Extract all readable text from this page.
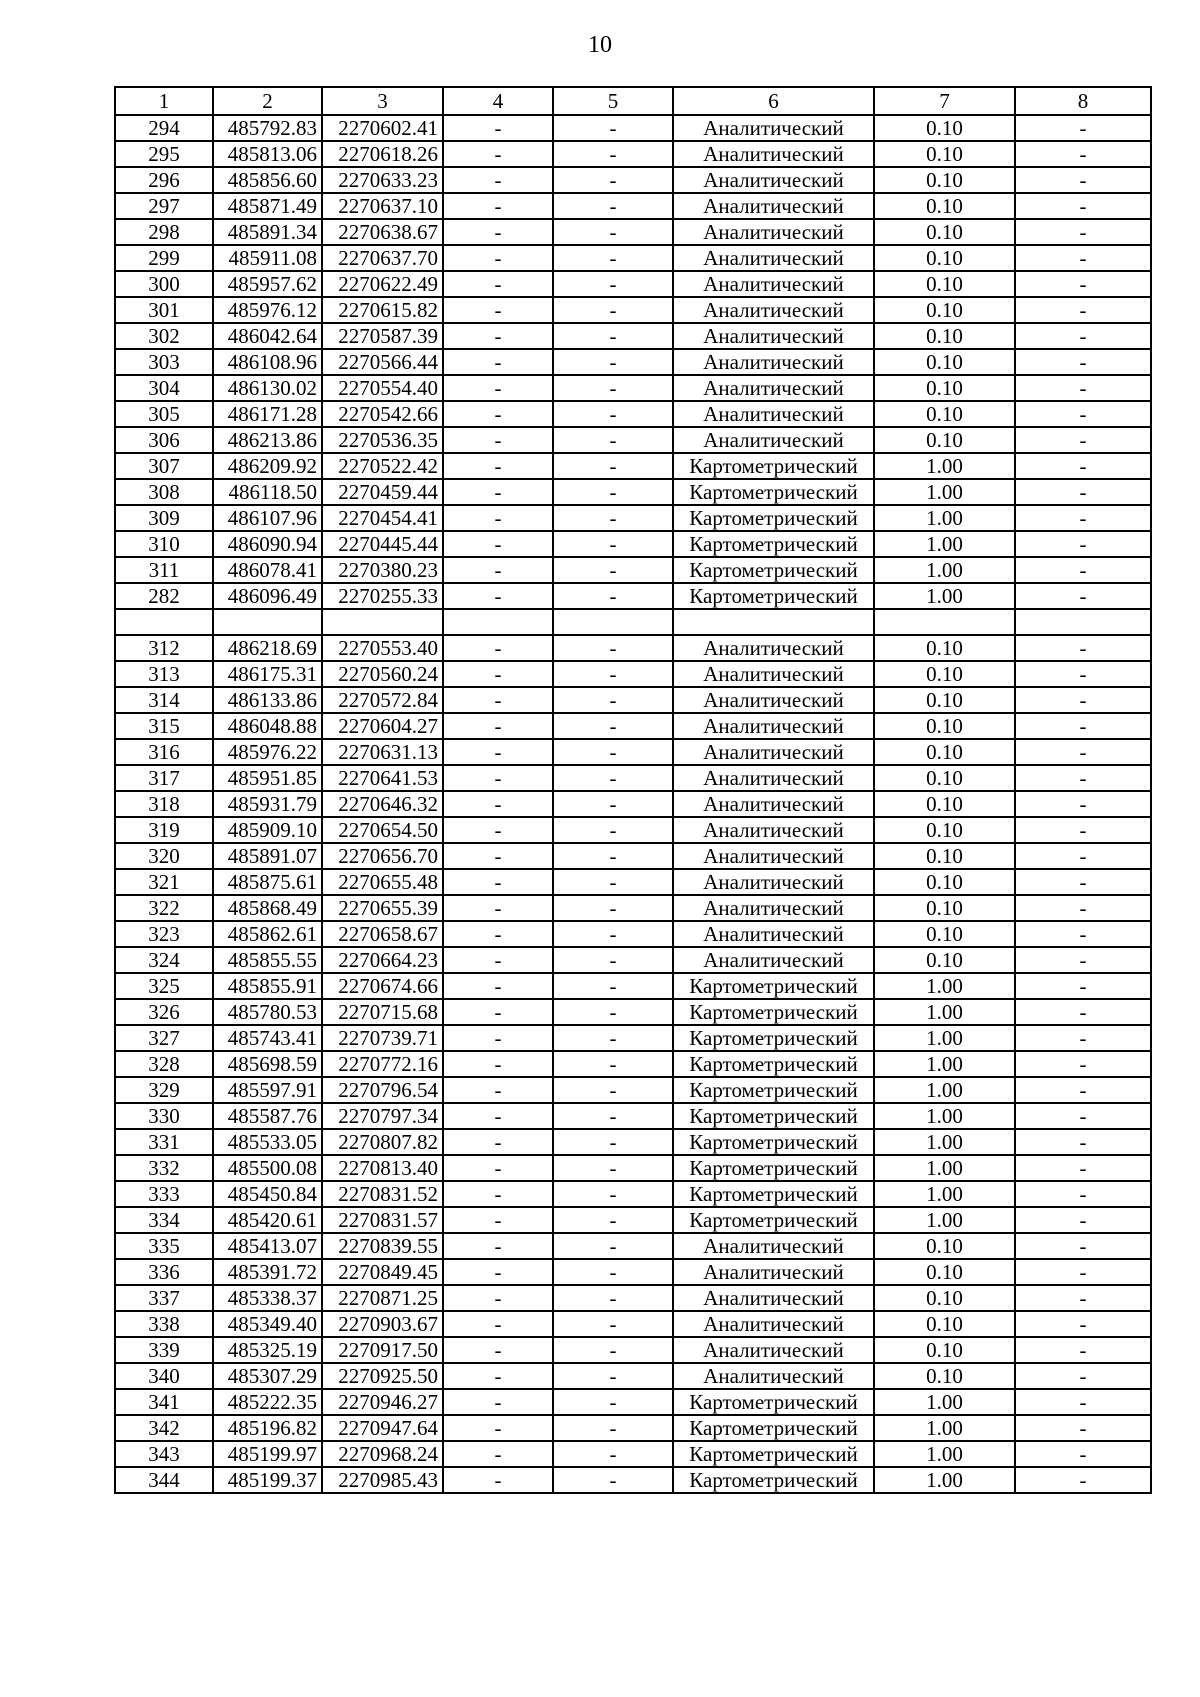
10
1	2	3	4	5	6	7	8
294	485792.83	2270602.41	-	-	Аналитический	0.10	-
295	485813.06	2270618.26	-	-	Аналитический	0.10	-
296	485856.60	2270633.23	-	-	Аналитический	0.10	-
297	485871.49	2270637.10	-	-	Аналитический	0.10	-
298	485891.34	2270638.67	-	-	Аналитический	0.10	-
299	485911.08	2270637.70	-	-	Аналитический	0.10	-
300	485957.62	2270622.49	-	-	Аналитический	0.10	-
301	485976.12	2270615.82	-	-	Аналитический	0.10	-
302	486042.64	2270587.39	-	-	Аналитический	0.10	-
303	486108.96	2270566.44	-	-	Аналитический	0.10	-
304	486130.02	2270554.40	-	-	Аналитический	0.10	-
305	486171.28	2270542.66	-	-	Аналитический	0.10	-
306	486213.86	2270536.35	-	-	Аналитический	0.10	-
307	486209.92	2270522.42	-	-	Картометрический	1.00	-
308	486118.50	2270459.44	-	-	Картометрический	1.00	-
309	486107.96	2270454.41	-	-	Картометрический	1.00	-
310	486090.94	2270445.44	-	-	Картометрический	1.00	-
311	486078.41	2270380.23	-	-	Картометрический	1.00	-
282	486096.49	2270255.33	-	-	Картометрический	1.00	-

312	486218.69	2270553.40	-	-	Аналитический	0.10	-
313	486175.31	2270560.24	-	-	Аналитический	0.10	-
314	486133.86	2270572.84	-	-	Аналитический	0.10	-
315	486048.88	2270604.27	-	-	Аналитический	0.10	-
316	485976.22	2270631.13	-	-	Аналитический	0.10	-
317	485951.85	2270641.53	-	-	Аналитический	0.10	-
318	485931.79	2270646.32	-	-	Аналитический	0.10	-
319	485909.10	2270654.50	-	-	Аналитический	0.10	-
320	485891.07	2270656.70	-	-	Аналитический	0.10	-
321	485875.61	2270655.48	-	-	Аналитический	0.10	-
322	485868.49	2270655.39	-	-	Аналитический	0.10	-
323	485862.61	2270658.67	-	-	Аналитический	0.10	-
324	485855.55	2270664.23	-	-	Аналитический	0.10	-
325	485855.91	2270674.66	-	-	Картометрический	1.00	-
326	485780.53	2270715.68	-	-	Картометрический	1.00	-
327	485743.41	2270739.71	-	-	Картометрический	1.00	-
328	485698.59	2270772.16	-	-	Картометрический	1.00	-
329	485597.91	2270796.54	-	-	Картометрический	1.00	-
330	485587.76	2270797.34	-	-	Картометрический	1.00	-
331	485533.05	2270807.82	-	-	Картометрический	1.00	-
332	485500.08	2270813.40	-	-	Картометрический	1.00	-
333	485450.84	2270831.52	-	-	Картометрический	1.00	-
334	485420.61	2270831.57	-	-	Картометрический	1.00	-
335	485413.07	2270839.55	-	-	Аналитический	0.10	-
336	485391.72	2270849.45	-	-	Аналитический	0.10	-
337	485338.37	2270871.25	-	-	Аналитический	0.10	-
338	485349.40	2270903.67	-	-	Аналитический	0.10	-
339	485325.19	2270917.50	-	-	Аналитический	0.10	-
340	485307.29	2270925.50	-	-	Аналитический	0.10	-
341	485222.35	2270946.27	-	-	Картометрический	1.00	-
342	485196.82	2270947.64	-	-	Картометрический	1.00	-
343	485199.97	2270968.24	-	-	Картометрический	1.00	-
344	485199.37	2270985.43	-	-	Картометрический	1.00	-
